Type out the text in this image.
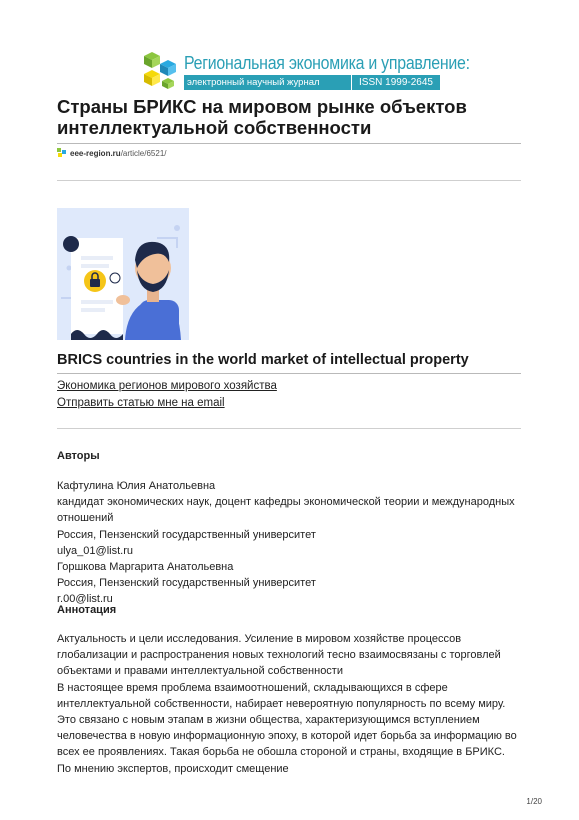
Региональная экономика и управление:
электронный научный журнал	ISSN 1999-2645
Страны БРИКС на мировом рынке объектов интеллектуальной собственности
eee-region.ru/article/6521/
BRICS countries in the world market of intellectual property
Экономика регионов мирового хозяйства
Отправить статью мне на email
Авторы
Кафтулина Юлия Анатольевна
кандидат экономических наук, доцент кафедры экономической теории и международных отношений
Россия, Пензенский государственный университет
ulya_01@list.ru
Горшкова Маргарита Анатольевна
Россия, Пензенский государственный университет
r.00@list.ru
Аннотация
Актуальность и цели исследования. Усиление в мировом хозяйстве процессов глобализации и распространения новых технологий тесно взаимосвязаны с торговлей объектами и правами интеллектуальной собственности
В настоящее время проблема взаимоотношений, складывающихся в сфере интеллектуальной собственности, набирает невероятную популярность по всему миру. Это связано с новым этапам в жизни общества, характеризующимся вступлением человечества в новую информационную эпоху, в которой идет борьба за информацию во всех ее проявлениях. Такая борьба не обошла стороной и страны, входящие в БРИКС. По мнению экспертов, происходит смещение
1/20
